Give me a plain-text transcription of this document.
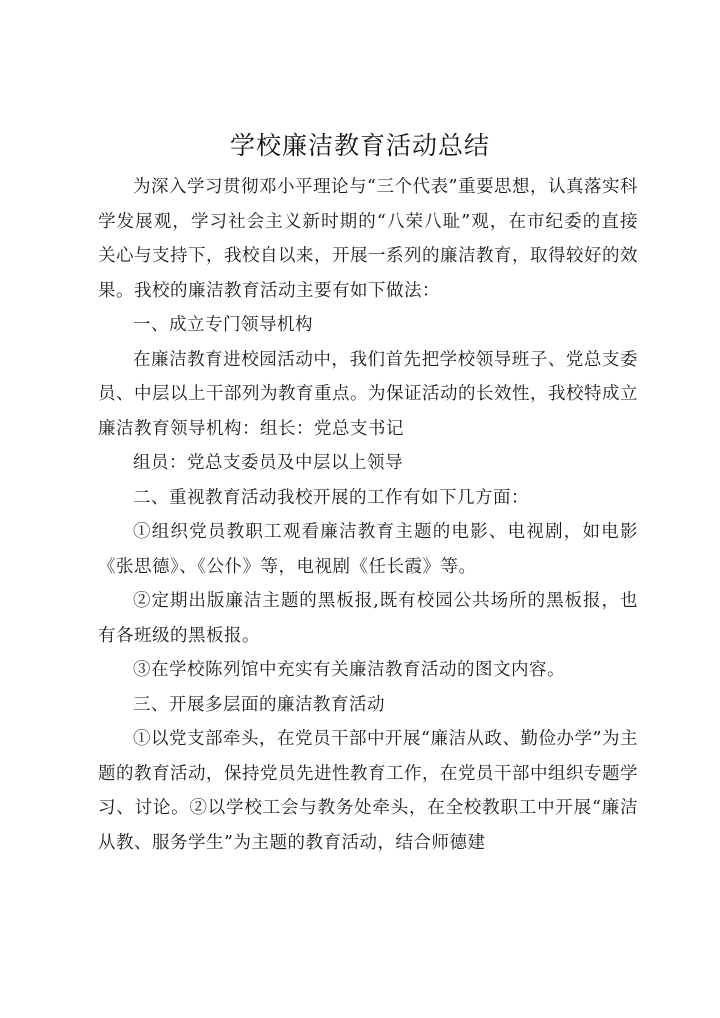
学校廉洁教育活动总结

为深入学习贯彻邓小平理论与“三个代表”重要思想，认真落实科学发展观，学习社会主义新时期的“八荣八耻”观，在市纪委的直接关心与支持下，我校自以来，开展一系列的廉洁教育，取得较好的效果。我校的廉洁教育活动主要有如下做法：

一、成立专门领导机构

在廉洁教育进校园活动中，我们首先把学校领导班子、党总支委员、中层以上干部列为教育重点。为保证活动的长效性，我校特成立廉洁教育领导机构：组长：党总支书记

组员：党总支委员及中层以上领导

二、重视教育活动我校开展的工作有如下几方面：

①组织党员教职工观看廉洁教育主题的电影、电视剧，如电影《张思德》、《公仆》等，电视剧《任长霞》等。

②定期出版廉洁主题的黑板报,既有校园公共场所的黑板报，也有各班级的黑板报。

③在学校陈列馆中充实有关廉洁教育活动的图文内容。

三、开展多层面的廉洁教育活动

①以党支部牵头，在党员干部中开展“廉洁从政、勤俭办学”为主题的教育活动，保持党员先进性教育工作，在党员干部中组织专题学习、讨论。②以学校工会与教务处牵头，在全校教职工中开展“廉洁从教、服务学生”为主题的教育活动，结合师德建
